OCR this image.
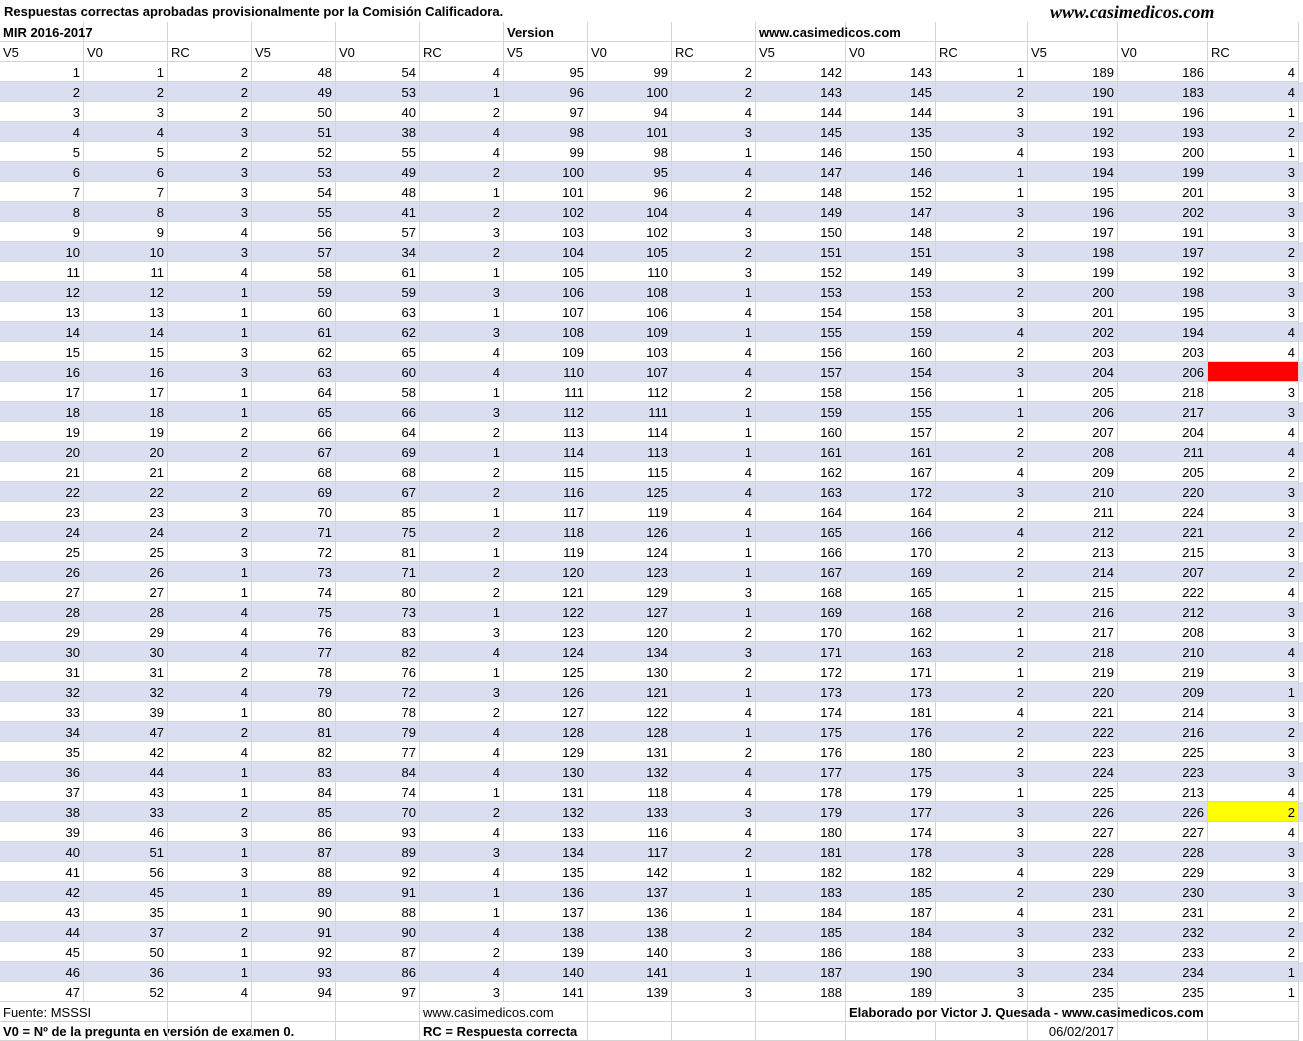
Respuestas correctas aprobadas provisionalmente por la Comisión Calificadora.	www.casimedicos.com
MIR 2016-2017	Version	www.casimedicos.com
V5	V0	RC	V5	V0	RC	V5	V0	RC	V5	V0	RC	V5	V0	RC
1	1	2	48	54	4	95	99	2	142	143	1	189	186	4
2	2	2	49	53	1	96	100	2	143	145	2	190	183	4
3	3	2	50	40	2	97	94	4	144	144	3	191	196	1
4	4	3	51	38	4	98	101	3	145	135	3	192	193	2
5	5	2	52	55	4	99	98	1	146	150	4	193	200	1
6	6	3	53	49	2	100	95	4	147	146	1	194	199	3
7	7	3	54	48	1	101	96	2	148	152	1	195	201	3
8	8	3	55	41	2	102	104	4	149	147	3	196	202	3
9	9	4	56	57	3	103	102	3	150	148	2	197	191	3
10	10	3	57	34	2	104	105	2	151	151	3	198	197	2
11	11	4	58	61	1	105	110	3	152	149	3	199	192	3
12	12	1	59	59	3	106	108	1	153	153	2	200	198	3
13	13	1	60	63	1	107	106	4	154	158	3	201	195	3
14	14	1	61	62	3	108	109	1	155	159	4	202	194	4
15	15	3	62	65	4	109	103	4	156	160	2	203	203	4
16	16	3	63	60	4	110	107	4	157	154	3	204	206
17	17	1	64	58	1	111	112	2	158	156	1	205	218	3
18	18	1	65	66	3	112	111	1	159	155	1	206	217	3
19	19	2	66	64	2	113	114	1	160	157	2	207	204	4
20	20	2	67	69	1	114	113	1	161	161	2	208	211	4
21	21	2	68	68	2	115	115	4	162	167	4	209	205	2
22	22	2	69	67	2	116	125	4	163	172	3	210	220	3
23	23	3	70	85	1	117	119	4	164	164	2	211	224	3
24	24	2	71	75	2	118	126	1	165	166	4	212	221	2
25	25	3	72	81	1	119	124	1	166	170	2	213	215	3
26	26	1	73	71	2	120	123	1	167	169	2	214	207	2
27	27	1	74	80	2	121	129	3	168	165	1	215	222	4
28	28	4	75	73	1	122	127	1	169	168	2	216	212	3
29	29	4	76	83	3	123	120	2	170	162	1	217	208	3
30	30	4	77	82	4	124	134	3	171	163	2	218	210	4
31	31	2	78	76	1	125	130	2	172	171	1	219	219	3
32	32	4	79	72	3	126	121	1	173	173	2	220	209	1
33	39	1	80	78	2	127	122	4	174	181	4	221	214	3
34	47	2	81	79	4	128	128	1	175	176	2	222	216	2
35	42	4	82	77	4	129	131	2	176	180	2	223	225	3
36	44	1	83	84	4	130	132	4	177	175	3	224	223	3
37	43	1	84	74	1	131	118	4	178	179	1	225	213	4
38	33	2	85	70	2	132	133	3	179	177	3	226	226	2
39	46	3	86	93	4	133	116	4	180	174	3	227	227	4
40	51	1	87	89	3	134	117	2	181	178	3	228	228	3
41	56	3	88	92	4	135	142	1	182	182	4	229	229	3
42	45	1	89	91	1	136	137	1	183	185	2	230	230	3
43	35	1	90	88	1	137	136	1	184	187	4	231	231	2
44	37	2	91	90	4	138	138	2	185	184	3	232	232	2
45	50	1	92	87	2	139	140	3	186	188	3	233	233	2
46	36	1	93	86	4	140	141	1	187	190	3	234	234	1
47	52	4	94	97	3	141	139	3	188	189	3	235	235	1
Fuente: MSSSI	www.casimedicos.com	Elaborado por Victor J. Quesada - www.casimedicos.com
V0 = Nº de la pregunta en versión de examen 0.	RC = Respuesta correcta	06/02/2017
